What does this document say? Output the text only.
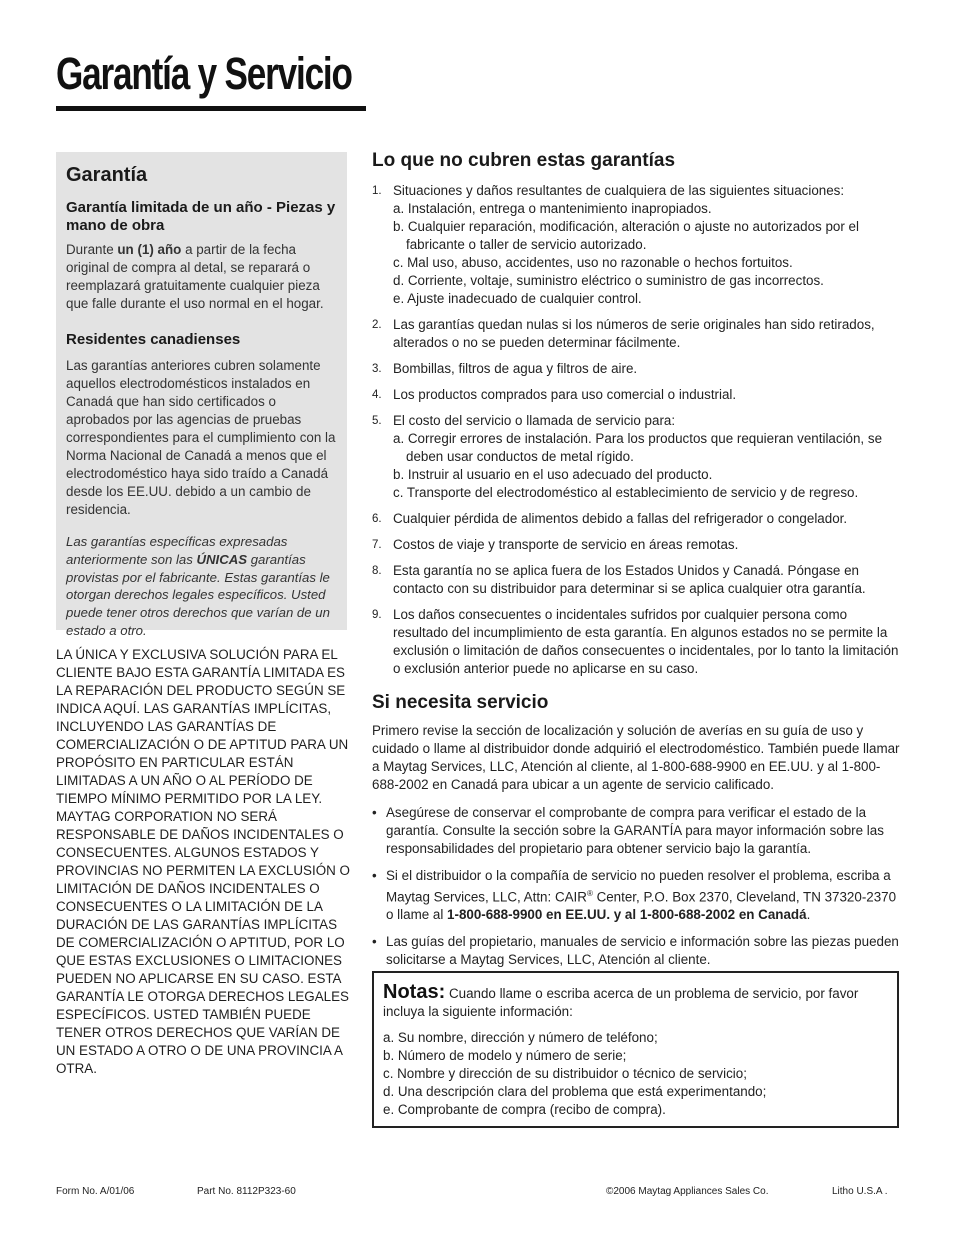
Garantía y Servicio
Garantía
Garantía limitada de un año - Piezas y mano de obra

Durante un (1) año a partir de la fecha original de compra al detal, se reparará o reemplazará gratuitamente cualquier pieza que falle durante el uso normal en el hogar.

Residentes canadienses

Las garantías anteriores cubren solamente aquellos electrodomésticos instalados en Canadá que han sido certificados o aprobados por las agencias de pruebas correspondientes para el cumplimiento con la Norma Nacional de Canadá a menos que el electrodoméstico haya sido traído a Canadá desde los EE.UU. debido a un cambio de residencia.

Las garantías específicas expresadas anteriormente son las ÚNICAS garantías provistas por el fabricante. Estas garantías le otorgan derechos legales específicos. Usted puede tener otros derechos que varían de un estado a otro.

LA ÚNICA Y EXCLUSIVA SOLUCIÓN PARA EL CLIENTE BAJO ESTA GARANTÍA LIMITADA ES LA REPARACIÓN DEL PRODUCTO SEGÚN SE INDICA AQUÍ. LAS GARANTÍAS IMPLÍCITAS, INCLUYENDO LAS GARANTÍAS DE COMERCIALIZACIÓN O DE APTITUD PARA UN PROPÓSITO EN PARTICULAR ESTÁN LIMITADAS A UN AÑO O AL PERÍODO DE TIEMPO MÍNIMO PERMITIDO POR LA LEY. MAYTAG CORPORATION NO SERÁ RESPONSABLE DE DAÑOS INCIDENTALES O CONSECUENTES. ALGUNOS ESTADOS Y PROVINCIAS NO PERMITEN LA EXCLUSIÓN O LIMITACIÓN DE DAÑOS INCIDENTALES O CONSECUENTES O LA LIMITACIÓN DE LA DURACIÓN DE LAS GARANTÍAS IMPLÍCITAS DE COMERCIALIZACIÓN O APTITUD, POR LO QUE ESTAS EXCLUSIONES O LIMITACIONES PUEDEN NO APLICARSE EN SU CASO. ESTA GARANTÍA LE OTORGA DERECHOS LEGALES ESPECÍFICOS. USTED TAMBIÉN PUEDE TENER OTROS DERECHOS QUE VARÍAN DE UN ESTADO A OTRO O DE UNA PROVINCIA A OTRA.

Lo que no cubren estas garantías
1. Situaciones y daños resultantes de cualquiera de las siguientes situaciones:
a. Instalación, entrega o mantenimiento inapropiados.
b. Cualquier reparación, modificación, alteración o ajuste no autorizados por el fabricante o taller de servicio autorizado.
c. Mal uso, abuso, accidentes, uso no razonable o hechos fortuitos.
d. Corriente, voltaje, suministro eléctrico o suministro de gas incorrectos.
e. Ajuste inadecuado de cualquier control.
2. Las garantías quedan nulas si los números de serie originales han sido retirados, alterados o no se pueden determinar fácilmente.
3. Bombillas, filtros de agua y filtros de aire.
4. Los productos comprados para uso comercial o industrial.
5. El costo del servicio o llamada de servicio para:
a. Corregir errores de instalación. Para los productos que requieran ventilación, se deben usar conductos de metal rígido.
b. Instruir al usuario en el uso adecuado del producto.
c. Transporte del electrodoméstico al establecimiento de servicio y de regreso.
6. Cualquier pérdida de alimentos debido a fallas del refrigerador o congelador.
7. Costos de viaje y transporte de servicio en áreas remotas.
8. Esta garantía no se aplica fuera de los Estados Unidos y Canadá. Póngase en contacto con su distribuidor para determinar si se aplica cualquier otra garantía.
9. Los daños consecuentes o incidentales sufridos por cualquier persona como resultado del incumplimiento de esta garantía. En algunos estados no se permite la exclusión o limitación de daños consecuentes o incidentales, por lo tanto la limitación o exclusión anterior puede no aplicarse en su caso.
Si necesita servicio

Primero revise la sección de localización y solución de averías en su guía de uso y cuidado o llame al distribuidor donde adquirió el electrodoméstico. También puede llamar a Maytag Services, LLC, Atención al cliente, al 1-800-688-9900 en EE.UU. y al 1-800-688-2002 en Canadá para ubicar a un agente de servicio calificado.

• Asegúrese de conservar el comprobante de compra para verificar el estado de la garantía. Consulte la sección sobre la GARANTÍA para mayor información sobre las responsabilidades del propietario para obtener servicio bajo la garantía.
• Si el distribuidor o la compañía de servicio no pueden resolver el problema, escriba a Maytag Services, LLC, Attn: CAIR® Center, P.O. Box 2370, Cleveland, TN 37320-2370 o llame al 1-800-688-9900 en EE.UU. y al 1-800-688-2002 en Canadá.
• Las guías del propietario, manuales de servicio e información sobre las piezas pueden solicitarse a Maytag Services, LLC, Atención al cliente.
Notas: Cuando llame o escriba acerca de un problema de servicio, por favor incluya la siguiente información:
a. Su nombre, dirección y número de teléfono;
b. Número de modelo y número de serie;
c. Nombre y dirección de su distribuidor o técnico de servicio;
d. Una descripción clara del problema que está experimentando;
e. Comprobante de compra (recibo de compra).
Form No. A/01/06	Part No. 8112P323-60	©2006 Maytag Appliances Sales Co.	Litho U.S.A .
